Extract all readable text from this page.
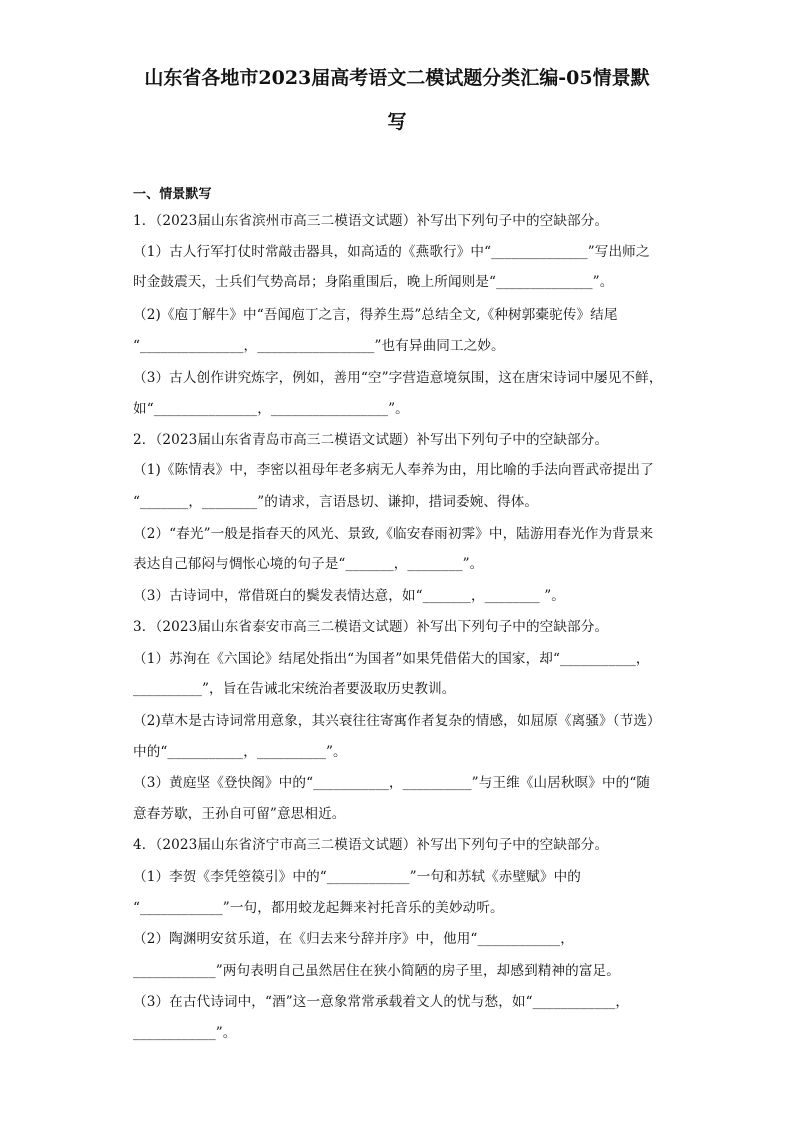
山东省各地市2023届高考语文二模试题分类汇编-05情景默
写
一、情景默写
1．（2023届山东省滨州市高三二模语文试题）补写出下列句子中的空缺部分。
（1）古人行军打仗时常敲击器具，如高适的《燕歌行》中“______________”写出师之
时金鼓震天，士兵们气势高昂；身陷重围后，晚上所闻则是“______________”。
（2)《庖丁解牛》中“吾闻庖丁之言，得养生焉”总结全文,《种树郭橐驼传》结尾
“_______________，_________________”也有异曲同工之妙。
（3）古人创作讲究炼字，例如，善用“空”字营造意境氛围，这在唐宋诗词中屡见不鲜，
如“_______________，_________________”。
2．（2023届山东省青岛市高三二模语文试题）补写出下列句子中的空缺部分。
（1)《陈情表》中，李密以祖母年老多病无人奉养为由，用比喻的手法向晋武帝提出了
“_______，________”的请求，言语恳切、谦抑，措词委婉、得体。
（2）“春光”一般是指春天的风光、景致,《临安春雨初霁》中，陆游用春光作为背景来
表达自己郁闷与惆怅心境的句子是“_______，________”。
（3）古诗词中，常借斑白的鬓发表情达意，如“_______，________ ”。
3．（2023届山东省泰安市高三二模语文试题）补写出下列句子中的空缺部分。
（1）苏洵在《六国论》结尾处指出“为国者”如果凭借偌大的国家，却“___________，
__________”，旨在告诫北宋统治者要汲取历史教训。
（2)草木是古诗词常用意象，其兴衰往往寄寓作者复杂的情感，如屈原《离骚》（节选）
中的“___________，__________”。
（3）黄庭坚《登快阁》中的“___________，__________”与王维《山居秋暝》中的“随
意春芳歇，王孙自可留”意思相近。
4．（2023届山东省济宁市高三二模语文试题）补写出下列句子中的空缺部分。
（1）李贺《李凭箜篌引》中的“____________”一句和苏轼《赤壁赋》中的
“____________”一句，都用蛟龙起舞来衬托音乐的美妙动听。
（2）陶渊明安贫乐道，在《归去来兮辞并序》中，他用“____________，
____________”两句表明自己虽然居住在狭小简陋的房子里，却感到精神的富足。
（3）在古代诗词中，“酒”这一意象常常承载着文人的忧与愁，如“____________，
____________”。
